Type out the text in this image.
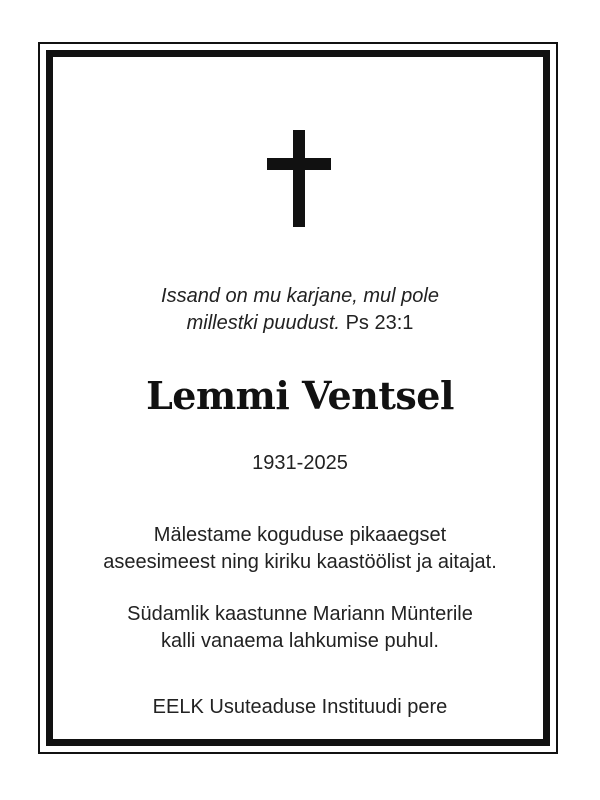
Issand on mu karjane, mul pole
millestki puudust. Ps 23:1
Lemmi Ventsel
1931-2025
Mälestame koguduse pikaaegset
aseesimeest ning kiriku kaastöölist ja aitajat.
Südamlik kaastunne Mariann Münterile
kalli vanaema lahkumise puhul.
EELK Usuteaduse Instituudi pere
